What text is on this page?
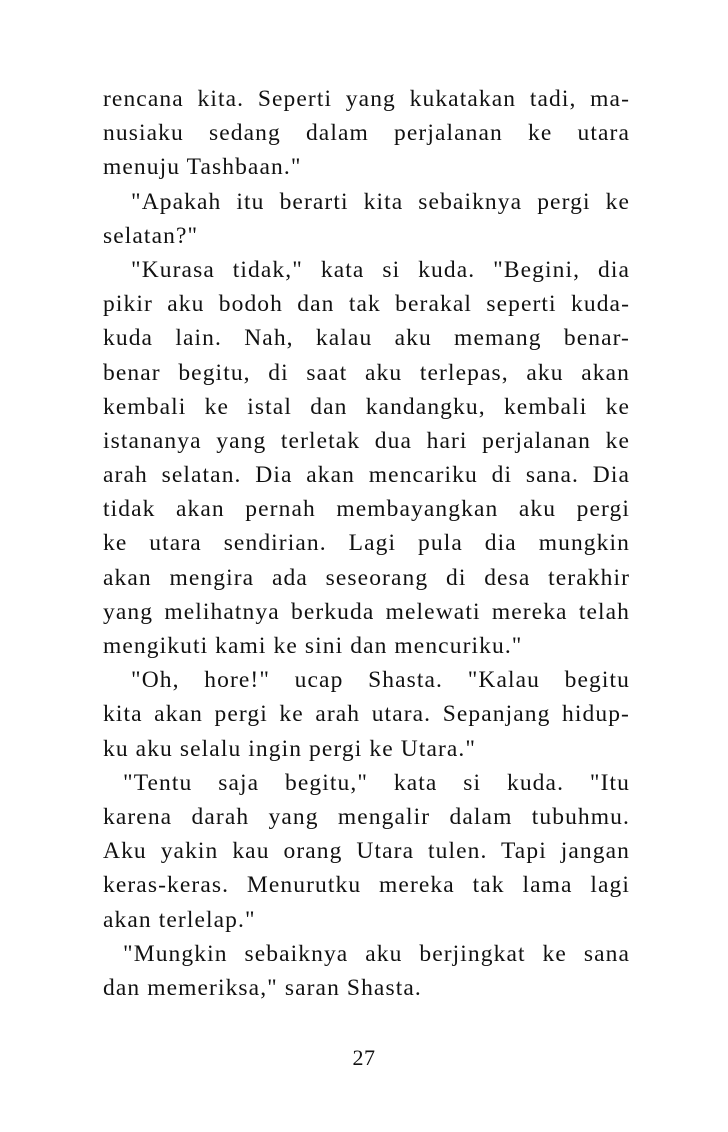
rencana kita. Seperti yang kukatakan tadi, ma-
nusiaku sedang dalam perjalanan ke utara
menuju Tashbaan."
"Apakah itu berarti kita sebaiknya pergi ke
selatan?"
"Kurasa tidak," kata si kuda. "Begini, dia
pikir aku bodoh dan tak berakal seperti kuda-
kuda lain. Nah, kalau aku memang benar-
benar begitu, di saat aku terlepas, aku akan
kembali ke istal dan kandangku, kembali ke
istananya yang terletak dua hari perjalanan ke
arah selatan. Dia akan mencariku di sana. Dia
tidak akan pernah membayangkan aku pergi
ke utara sendirian. Lagi pula dia mungkin
akan mengira ada seseorang di desa terakhir
yang melihatnya berkuda melewati mereka telah
mengikuti kami ke sini dan mencuriku."
"Oh, hore!" ucap Shasta. "Kalau begitu
kita akan pergi ke arah utara. Sepanjang hidup-
ku aku selalu ingin pergi ke Utara."
"Tentu saja begitu," kata si kuda. "Itu
karena darah yang mengalir dalam tubuhmu.
Aku yakin kau orang Utara tulen. Tapi jangan
keras-keras. Menurutku mereka tak lama lagi
akan terlelap."
"Mungkin sebaiknya aku berjingkat ke sana
dan memeriksa," saran Shasta.
27
